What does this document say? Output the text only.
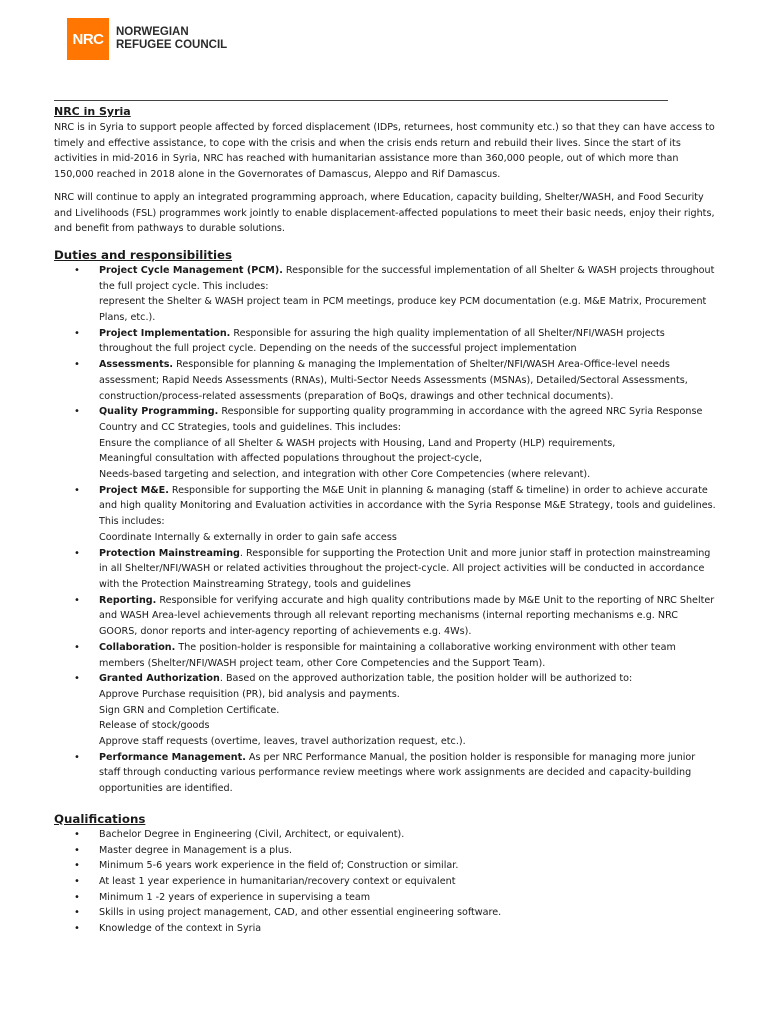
NRC	NORWEGIAN
REFUGEE COUNCIL
NRC in Syria

NRC is in Syria to support people affected by forced displacement (IDPs, returnees, host community etc.) so that they can have access to timely and effective assistance, to cope with the crisis and when the crisis ends return and rebuild their lives. Since the start of its activities in mid-2016 in Syria, NRC has reached with humanitarian assistance more than 360,000 people, out of which more than 150,000 reached in 2018 alone in the Governorates of Damascus, Aleppo and Rif Damascus.

NRC will continue to apply an integrated programming approach, where Education, capacity building, Shelter/WASH, and Food Security and Livelihoods (FSL) programmes work jointly to enable displacement-affected populations to meet their basic needs, enjoy their rights, and benefit from pathways to durable solutions.

Duties and responsibilities
• Project Cycle Management (PCM). Responsible for the successful implementation of all Shelter & WASH projects throughout the full project cycle. This includes:
represent the Shelter & WASH project team in PCM meetings, produce key PCM documentation (e.g. M&E Matrix, Procurement Plans, etc.).
• Project Implementation. Responsible for assuring the high quality implementation of all Shelter/NFI/WASH projects throughout the full project cycle. Depending on the needs of the successful project implementation
• Assessments. Responsible for planning & managing the Implementation of Shelter/NFI/WASH Area-Office-level needs assessment; Rapid Needs Assessments (RNAs), Multi-Sector Needs Assessments (MSNAs), Detailed/Sectoral Assessments, construction/process-related assessments (preparation of BoQs, drawings and other technical documents).
• Quality Programming. Responsible for supporting quality programming in accordance with the agreed NRC Syria Response Country and CC Strategies, tools and guidelines. This includes:
Ensure the compliance of all Shelter & WASH projects with Housing, Land and Property (HLP) requirements,
Meaningful consultation with affected populations throughout the project-cycle,
Needs-based targeting and selection, and integration with other Core Competencies (where relevant).
• Project M&E. Responsible for supporting the M&E Unit in planning & managing (staff & timeline) in order to achieve accurate and high quality Monitoring and Evaluation activities in accordance with the Syria Response M&E Strategy, tools and guidelines. This includes:
Coordinate Internally & externally in order to gain safe access
• Protection Mainstreaming. Responsible for supporting the Protection Unit and more junior staff in protection mainstreaming in all Shelter/NFI/WASH or related activities throughout the project-cycle. All project activities will be conducted in accordance with the Protection Mainstreaming Strategy, tools and guidelines
• Reporting. Responsible for verifying accurate and high quality contributions made by M&E Unit to the reporting of NRC Shelter and WASH Area-level achievements through all relevant reporting mechanisms (internal reporting mechanisms e.g. NRC GOORS, donor reports and inter-agency reporting of achievements e.g. 4Ws).
• Collaboration. The position-holder is responsible for maintaining a collaborative working environment with other team members (Shelter/NFI/WASH project team, other Core Competencies and the Support Team).
• Granted Authorization. Based on the approved authorization table, the position holder will be authorized to:
Approve Purchase requisition (PR), bid analysis and payments.
Sign GRN and Completion Certificate.
Release of stock/goods
Approve staff requests (overtime, leaves, travel authorization request, etc.).
• Performance Management. As per NRC Performance Manual, the position holder is responsible for managing more junior staff through conducting various performance review meetings where work assignments are decided and capacity-building opportunities are identified.
Qualifications
• Bachelor Degree in Engineering (Civil, Architect, or equivalent).
• Master degree in Management is a plus.
• Minimum 5-6 years work experience in the field of; Construction or similar.
• At least 1 year experience in humanitarian/recovery context or equivalent
• Minimum 1 -2 years of experience in supervising a team
• Skills in using project management, CAD, and other essential engineering software.
• Knowledge of the context in Syria
